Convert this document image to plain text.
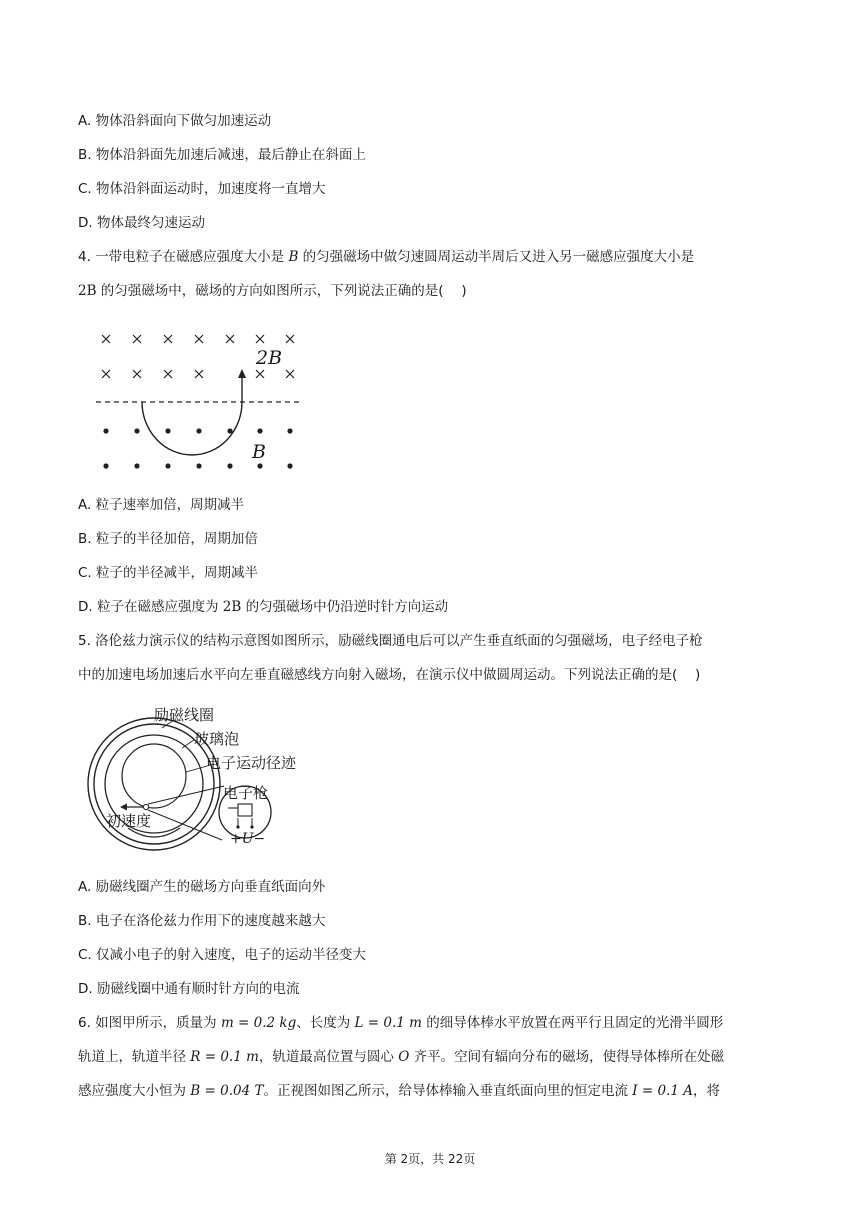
A. 物体沿斜面向下做匀加速运动
B. 物体沿斜面先加速后减速，最后静止在斜面上
C. 物体沿斜面运动时，加速度将一直增大
D. 物体最终匀速运动
4. 一带电粒子在磁感应强度大小是 B 的匀强磁场中做匀速圆周运动半周后又进入另一磁感应强度大小是
2B 的匀强磁场中，磁场的方向如图所示，下列说法正确的是(　 )
2B
B
A. 粒子速率加倍，周期减半
B. 粒子的半径加倍，周期加倍
C. 粒子的半径减半，周期减半
D. 粒子在磁感应强度为 2B 的匀强磁场中仍沿逆时针方向运动
5. 洛伦兹力演示仪的结构示意图如图所示，励磁线圈通电后可以产生垂直纸面的匀强磁场，电子经电子枪
中的加速电场加速后水平向左垂直磁感线方向射入磁场，在演示仪中做圆周运动。下列说法正确的是(　 )
励磁线圈
玻璃泡
电子运动径迹
电子枪
初速度
+U−
A. 励磁线圈产生的磁场方向垂直纸面向外
B. 电子在洛伦兹力作用下的速度越来越大
C. 仅减小电子的射入速度，电子的运动半径变大
D. 励磁线圈中通有顺时针方向的电流
6. 如图甲所示，质量为 m = 0.2 kg、长度为 L = 0.1 m 的细导体棒水平放置在两平行且固定的光滑半圆形
轨道上，轨道半径 R = 0.1 m，轨道最高位置与圆心 O 齐平。空间有辐向分布的磁场，使得导体棒所在处磁
感应强度大小恒为 B = 0.04 T。正视图如图乙所示，给导体棒输入垂直纸面向里的恒定电流 I = 0.1 A，将
第 2页，共 22页
